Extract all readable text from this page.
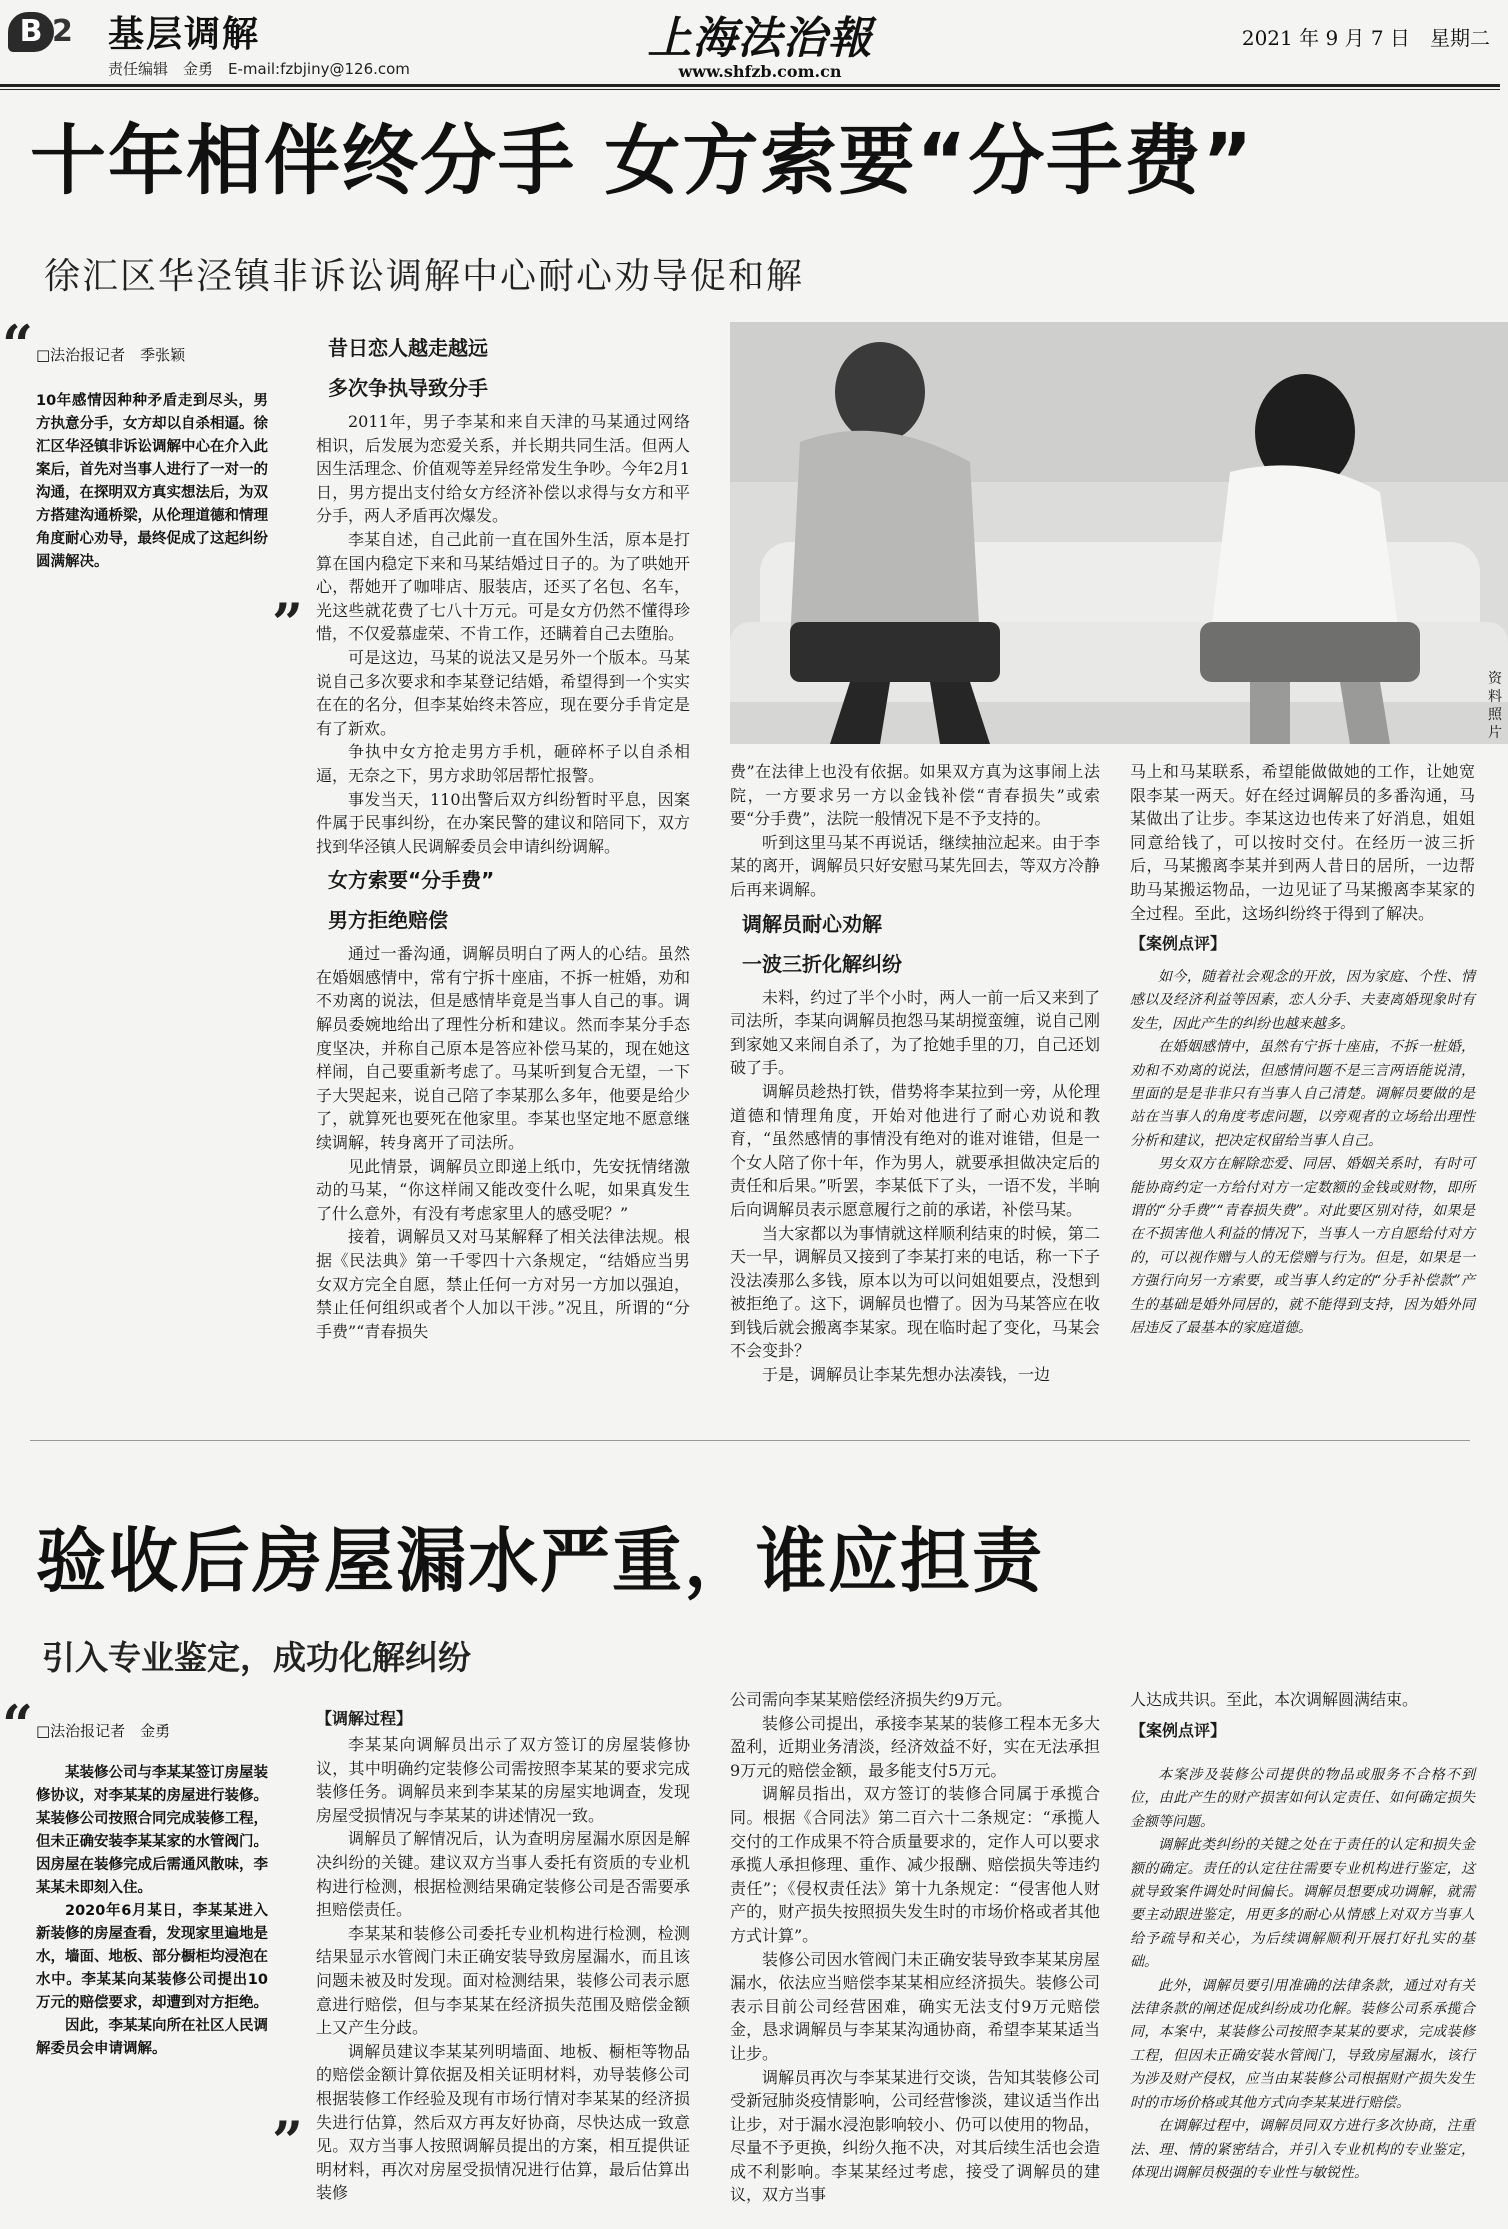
B 2 基层调解
责任编辑　金勇　E-mail:fzbjiny@126.com
上海法治報
www.shfzb.com.cn
2021 年 9 月 7 日　星期二
十年相伴终分手 女方索要“分手费”
徐汇区华泾镇非诉讼调解中心耐心劝导促和解
“ □法治报记者　季张颖
10年感情因种种矛盾走到尽头，男方执意分手，女方却以自杀相逼。徐汇区华泾镇非诉讼调解中心在介入此案后，首先对当事人进行了一对一的沟通，在探明双方真实想法后，为双方搭建沟通桥梁，从伦理道德和情理角度耐心劝导，最终促成了这起纠纷圆满解决。
”

昔日恋人越走越远

多次争执导致分手

2011年，男子李某和来自天津的马某通过网络相识，后发展为恋爱关系，并长期共同生活。但两人因生活理念、价值观等差异经常发生争吵。今年2月1日，男方提出支付给女方经济补偿以求得与女方和平分手，两人矛盾再次爆发。

李某自述，自己此前一直在国外生活，原本是打算在国内稳定下来和马某结婚过日子的。为了哄她开心，帮她开了咖啡店、服装店，还买了名包、名车，光这些就花费了七八十万元。可是女方仍然不懂得珍惜，不仅爱慕虚荣、不肯工作，还瞒着自己去堕胎。

可是这边，马某的说法又是另外一个版本。马某说自己多次要求和李某登记结婚，希望得到一个实实在在的名分，但李某始终未答应，现在要分手肯定是有了新欢。

争执中女方抢走男方手机，砸碎杯子以自杀相逼，无奈之下，男方求助邻居帮忙报警。

事发当天，110出警后双方纠纷暂时平息，因案件属于民事纠纷，在办案民警的建议和陪同下，双方找到华泾镇人民调解委员会申请纠纷调解。

女方索要“分手费”

男方拒绝赔偿

通过一番沟通，调解员明白了两人的心结。虽然在婚姻感情中，常有宁拆十座庙，不拆一桩婚，劝和不劝离的说法，但是感情毕竟是当事人自己的事。调解员委婉地给出了理性分析和建议。然而李某分手态度坚决，并称自己原本是答应补偿马某的，现在她这样闹，自己要重新考虑了。马某听到复合无望，一下子大哭起来，说自己陪了李某那么多年，他要是给少了，就算死也要死在他家里。李某也坚定地不愿意继续调解，转身离开了司法所。

见此情景，调解员立即递上纸巾，先安抚情绪激动的马某，“你这样闹又能改变什么呢，如果真发生了什么意外，有没有考虑家里人的感受呢？”

接着，调解员又对马某解释了相关法律法规。根据《民法典》第一千零四十六条规定，“结婚应当男女双方完全自愿，禁止任何一方对另一方加以强迫，禁止任何组织或者个人加以干涉。”况且，所谓的“分手费”“青春损失

资料照片

费”在法律上也没有依据。如果双方真为这事闹上法院，一方要求另一方以金钱补偿“青春损失”或索要“分手费”，法院一般情况下是不予支持的。

听到这里马某不再说话，继续抽泣起来。由于李某的离开，调解员只好安慰马某先回去，等双方冷静后再来调解。

调解员耐心劝解

一波三折化解纠纷

未料，约过了半个小时，两人一前一后又来到了司法所，李某向调解员抱怨马某胡搅蛮缠，说自己刚到家她又来闹自杀了，为了抢她手里的刀，自己还划破了手。

调解员趁热打铁，借势将李某拉到一旁，从伦理道德和情理角度，开始对他进行了耐心劝说和教育，“虽然感情的事情没有绝对的谁对谁错，但是一个女人陪了你十年，作为男人，就要承担做决定后的责任和后果。”听罢，李某低下了头，一语不发，半晌后向调解员表示愿意履行之前的承诺，补偿马某。

当大家都以为事情就这样顺利结束的时候，第二天一早，调解员又接到了李某打来的电话，称一下子没法凑那么多钱，原本以为可以问姐姐要点，没想到被拒绝了。这下，调解员也懵了。因为马某答应在收到钱后就会搬离李某家。现在临时起了变化，马某会不会变卦？

于是，调解员让李某先想办法凑钱，一边

马上和马某联系，希望能做做她的工作，让她宽限李某一两天。好在经过调解员的多番沟通，马某做出了让步。李某这边也传来了好消息，姐姐同意给钱了，可以按时交付。在经历一波三折后，马某搬离李某并到两人昔日的居所，一边帮助马某搬运物品，一边见证了马某搬离李某家的全过程。至此，这场纠纷终于得到了解决。

【案例点评】

如今，随着社会观念的开放，因为家庭、个性、情感以及经济利益等因素，恋人分手、夫妻离婚现象时有发生，因此产生的纠纷也越来越多。

在婚姻感情中，虽然有宁拆十座庙，不拆一桩婚，劝和不劝离的说法，但感情问题不是三言两语能说清，里面的是是非非只有当事人自己清楚。调解员要做的是站在当事人的角度考虑问题，以旁观者的立场给出理性分析和建议，把决定权留给当事人自己。

男女双方在解除恋爱、同居、婚姻关系时，有时可能协商约定一方给付对方一定数额的金钱或财物，即所谓的“分手费”“青春损失费”。对此要区别对待，如果是在不损害他人利益的情况下，当事人一方自愿给付对方的，可以视作赠与人的无偿赠与行为。但是，如果是一方强行向另一方索要，或当事人约定的“分手补偿款”产生的基础是婚外同居的，就不能得到支持，因为婚外同居违反了最基本的家庭道德。

验收后房屋漏水严重，谁应担责
引入专业鉴定，成功化解纠纷
“ □法治报记者　金勇

某装修公司与李某某签订房屋装修协议，对李某某的房屋进行装修。某装修公司按照合同完成装修工程，但未正确安装李某某家的水管阀门。因房屋在装修完成后需通风散味，李某某未即刻入住。

2020年6月某日，李某某进入新装修的房屋查看，发现家里遍地是水，墙面、地板、部分橱柜均浸泡在水中。李某某向某装修公司提出10万元的赔偿要求，却遭到对方拒绝。

因此，李某某向所在社区人民调解委员会申请调解。

”

【调解过程】

李某某向调解员出示了双方签订的房屋装修协议，其中明确约定装修公司需按照李某某的要求完成装修任务。调解员来到李某某的房屋实地调查，发现房屋受损情况与李某某的讲述情况一致。

调解员了解情况后，认为查明房屋漏水原因是解决纠纷的关键。建议双方当事人委托有资质的专业机构进行检测，根据检测结果确定装修公司是否需要承担赔偿责任。

李某某和装修公司委托专业机构进行检测，检测结果显示水管阀门未正确安装导致房屋漏水，而且该问题未被及时发现。面对检测结果，装修公司表示愿意进行赔偿，但与李某某在经济损失范围及赔偿金额上又产生分歧。

调解员建议李某某列明墙面、地板、橱柜等物品的赔偿金额计算依据及相关证明材料，劝导装修公司根据装修工作经验及现有市场行情对李某某的经济损失进行估算，然后双方再友好协商，尽快达成一致意见。双方当事人按照调解员提出的方案，相互提供证明材料，再次对房屋受损情况进行估算，最后估算出装修

公司需向李某某赔偿经济损失约9万元。

装修公司提出，承接李某某的装修工程本无多大盈利，近期业务清淡，经济效益不好，实在无法承担9万元的赔偿金额，最多能支付5万元。

调解员指出，双方签订的装修合同属于承揽合同。根据《合同法》第二百六十二条规定：“承揽人交付的工作成果不符合质量要求的，定作人可以要求承揽人承担修理、重作、减少报酬、赔偿损失等违约责任”；《侵权责任法》第十九条规定：“侵害他人财产的，财产损失按照损失发生时的市场价格或者其他方式计算”。

装修公司因水管阀门未正确安装导致李某某房屋漏水，依法应当赔偿李某某相应经济损失。装修公司表示目前公司经营困难，确实无法支付9万元赔偿金，恳求调解员与李某某沟通协商，希望李某某适当让步。

调解员再次与李某某进行交谈，告知其装修公司受新冠肺炎疫情影响，公司经营惨淡，建议适当作出让步，对于漏水浸泡影响较小、仍可以使用的物品，尽量不予更换，纠纷久拖不决，对其后续生活也会造成不利影响。李某某经过考虑，接受了调解员的建议，双方当事

人达成共识。至此，本次调解圆满结束。

【案例点评】

本案涉及装修公司提供的物品或服务不合格不到位，由此产生的财产损害如何认定责任、如何确定损失金额等问题。

调解此类纠纷的关键之处在于责任的认定和损失金额的确定。责任的认定往往需要专业机构进行鉴定，这就导致案件调处时间偏长。调解员想要成功调解，就需要主动跟进鉴定，用更多的耐心从情感上对双方当事人给予疏导和关心，为后续调解顺利开展打好扎实的基础。

此外，调解员要引用准确的法律条款，通过对有关法律条款的阐述促成纠纷成功化解。装修公司系承揽合同，本案中，某装修公司按照李某某的要求，完成装修工程，但因未正确安装水管阀门，导致房屋漏水，该行为涉及财产侵权，应当由某装修公司根据财产损失发生时的市场价格或其他方式向李某某进行赔偿。

在调解过程中，调解员同双方进行多次协商，注重法、理、情的紧密结合，并引入专业机构的专业鉴定，体现出调解员极强的专业性与敏锐性。
